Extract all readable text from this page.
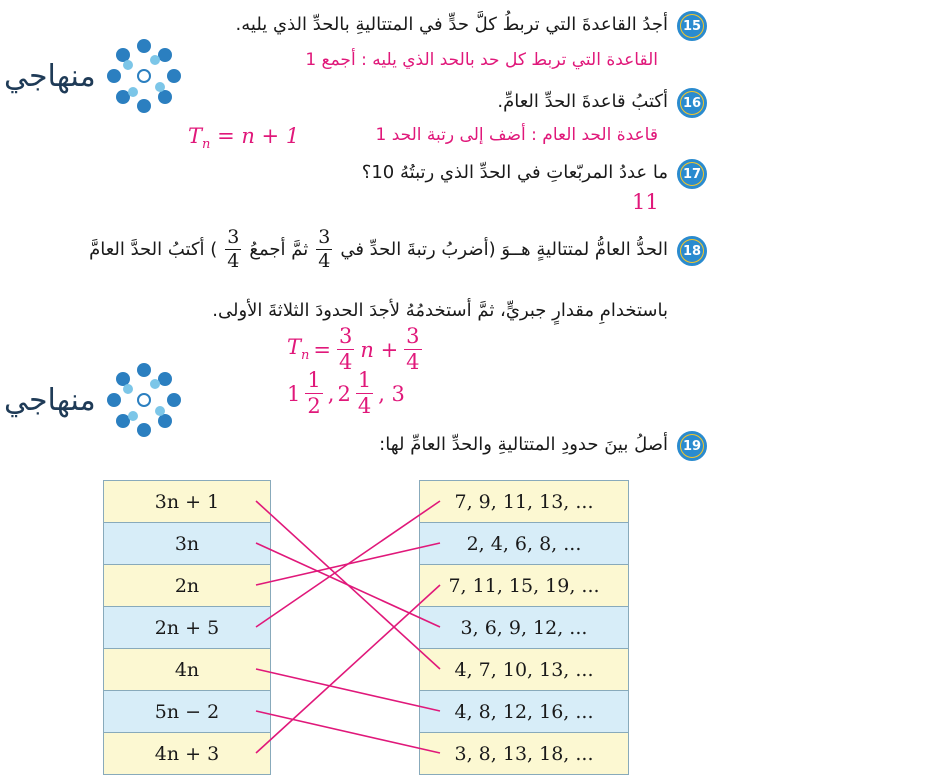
منهاجي
منهاجي
15
أجدُ القاعدةَ التي تربطُ كلَّ حدٍّ في المتتاليةِ بالحدِّ الذي يليه.
القاعدة التي تربط كل حد بالحد الذي يليه : أجمع 1
16
أكتبُ قاعدةَ الحدِّ العامِّ.
قاعدة الحد العام : أضف إلى رتبة الحد 1
$T_n = n + 1$
17
ما عددُ المربّعاتِ في الحدِّ الذي رتبتُهُ 10؟
11
18
الحدُّ العامُّ لمتتاليةٍ هــوَ (أضربُ رتبةَ الحدِّ في
$\frac{3}{4}$
ثمَّ أجمعُ
$\frac{3}{4}$
) أكتبُ الحدَّ العامَّ
باستخدامِ مقدارٍ جبريٍّ، ثمَّ أستخدمُهُ لأجدَ الحدودَ الثلاثةَ الأولى.
$T_n = \frac{3}{4}$ $n + \frac{3}{4}$
$1 \frac{1}{2}$ , $2 \frac{1}{4}$ , 3
19
أصلُ بينَ حدودِ المتتاليةِ والحدِّ العامِّ لها:
3n + 1
3n
2n
2n + 5
4n
5n − 2
4n + 3
7, 9, 11, 13, ...
2, 4, 6, 8, ...
7, 11, 15, 19, ...
3, 6, 9, 12, ...
4, 7, 10, 13, ...
4, 8, 12, 16, ...
3, 8, 13, 18, ...
